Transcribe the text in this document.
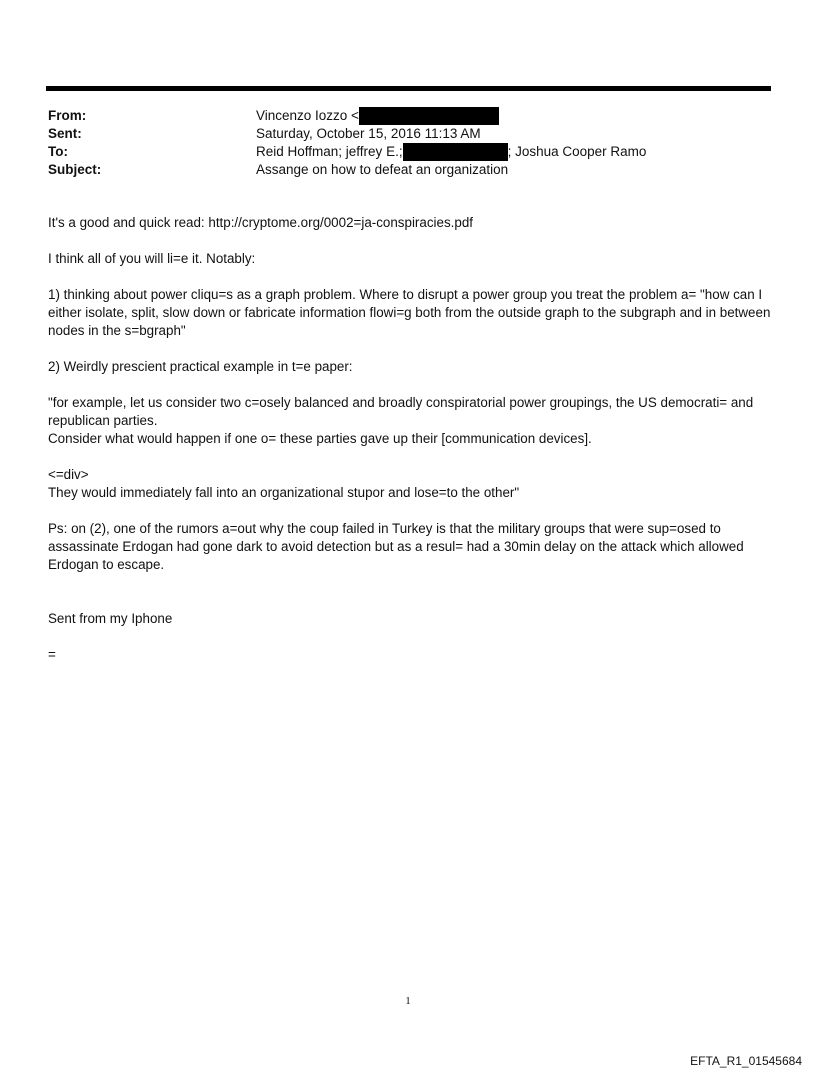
From:	Vincenzo Iozzo <
Sent:	Saturday, October 15, 2016 11:13 AM
To:	Reid Hoffman; jeffrey E.;	; Joshua Cooper Ramo
Subject:	Assange on how to defeat an organization

It's a good and quick read: http://cryptome.org/0002=ja-conspiracies.pdf

I think all of you will li=e it. Notably:

1) thinking about power cliqu=s as a graph problem. Where to disrupt a power group you treat the problem a= "how can I either isolate, split, slow down or fabricate information flowi=g both from the outside graph to the subgraph and in between nodes in the s=bgraph"

2) Weirdly prescient practical example in t=e paper:

"for example, let us consider two c=osely balanced and broadly conspiratorial power groupings, the US democrati= and republican parties.
Consider what would happen if one o= these parties gave up their [communication devices].

<=div>
They would immediately fall into an organizational stupor and lose=to the other"

Ps: on (2), one of the rumors a=out why the coup failed in Turkey is that the military groups that were sup=osed to assassinate Erdogan had gone dark to avoid detection but as a resul= had a 30min delay on the attack which allowed Erdogan to escape.

Sent from my Iphone

=

1
EFTA_R1_01545684
